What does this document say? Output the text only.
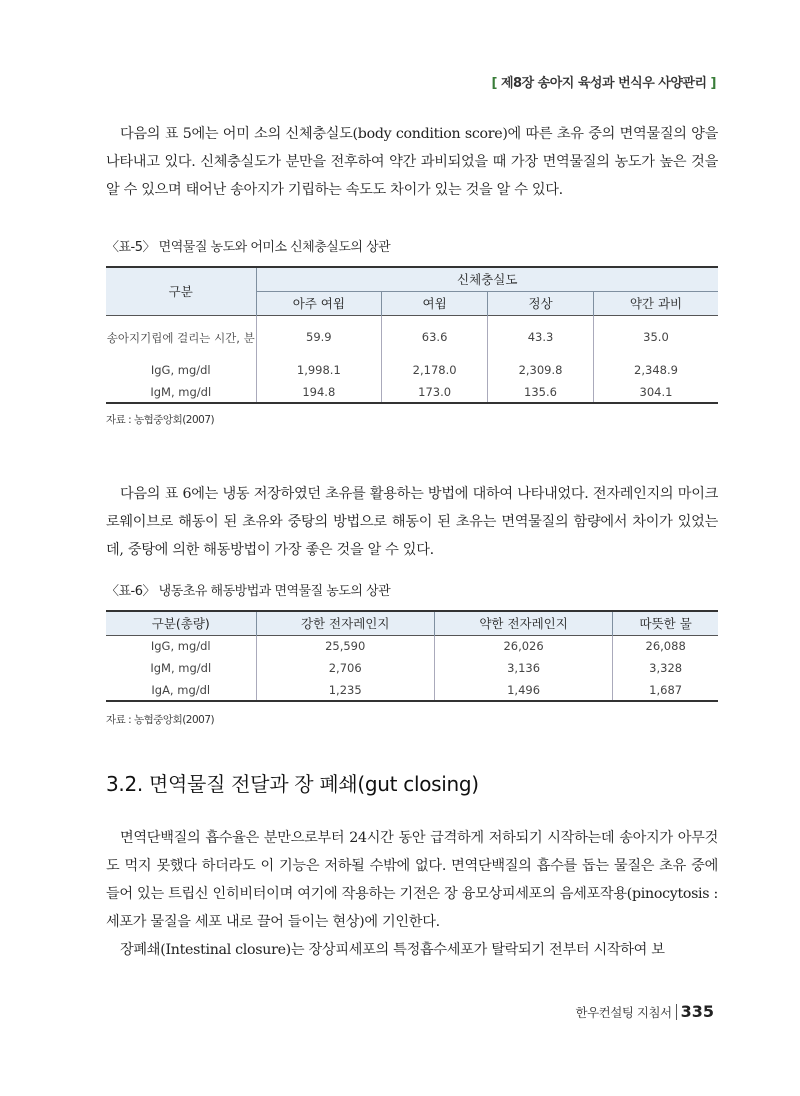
[ 제8장 송아지 육성과 번식우 사양관리 ]

다음의 표 5에는 어미 소의 신체충실도(body condition score)에 따른 초유 중의 면역물질의 양을 나타내고 있다. 신체충실도가 분만을 전후하여 약간 과비되었을 때 가장 면역물질의 농도가 높은 것을 알 수 있으며 태어난 송아지가 기립하는 속도도 차이가 있는 것을 알 수 있다.

〈표-5〉 면역물질 농도와 어미소 신체충실도의 상관
구분	신체충실도			
	아주 여윔	여윔	정상	약간 과비
송아지기립에 걸리는 시간, 분	59.9	63.6	43.3	35.0
IgG, mg/dl	1,998.1	2,178.0	2,309.8	2,348.9
IgM, mg/dl	194.8	173.0	135.6	304.1
자료 : 농협중앙회(2007)

다음의 표 6에는 냉동 저장하였던 초유를 활용하는 방법에 대하여 나타내었다. 전자레인지의 마이크로웨이브로 해동이 된 초유와 중탕의 방법으로 해동이 된 초유는 면역물질의 함량에서 차이가 있었는데, 중탕에 의한 해동방법이 가장 좋은 것을 알 수 있다.

〈표-6〉 냉동초유 해동방법과 면역물질 농도의 상관
구분(총량)	강한 전자레인지	약한 전자레인지	따뜻한 물
IgG, mg/dl	25,590	26,026	26,088
IgM, mg/dl	2,706	3,136	3,328
IgA, mg/dl	1,235	1,496	1,687
자료 : 농협중앙회(2007)
3.2. 면역물질 전달과 장 폐쇄(gut closing)

면역단백질의 흡수율은 분만으로부터 24시간 동안 급격하게 저하되기 시작하는데 송아지가 아무것도 먹지 못했다 하더라도 이 기능은 저하될 수밖에 없다. 면역단백질의 흡수를 돕는 물질은 초유 중에 들어 있는 트립신 인히비터이며 여기에 작용하는 기전은 장 융모상피세포의 음세포작용(pinocytosis : 세포가 물질을 세포 내로 끌어 들이는 현상)에 기인한다.

장폐쇄(Intestinal closure)는 장상피세포의 특정흡수세포가 탈락되기 전부터 시작하여 보

한우컨설팅 지침서 335
